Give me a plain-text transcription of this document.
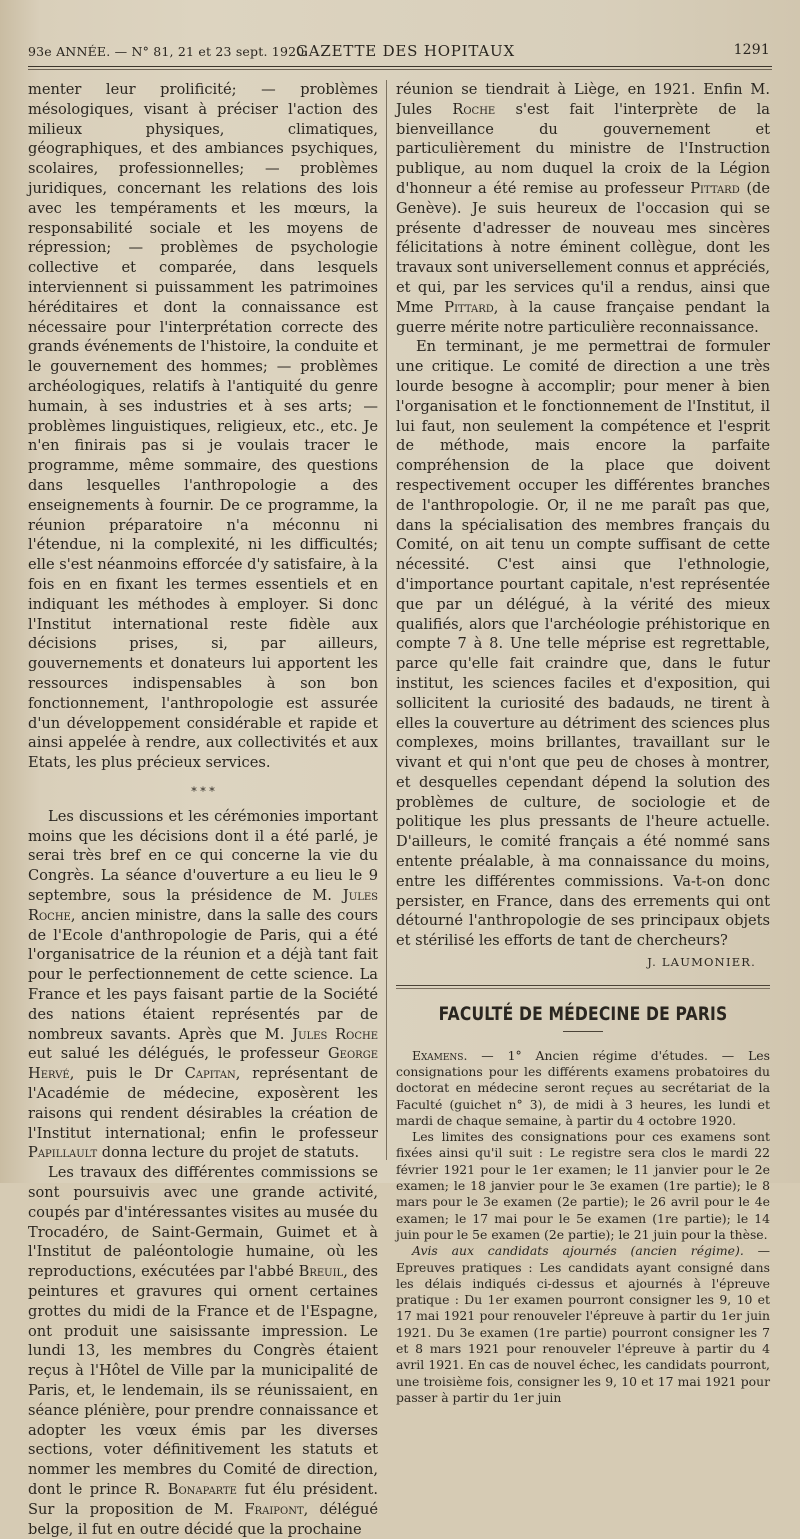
93e ANNÉE. — N° 81, 21 et 23 sept. 1920.
GAZETTE DES HOPITAUX	1291

menter leur prolificité; — problèmes mésologiques, visant à préciser l'action des milieux physiques, climatiques, géographiques, et des ambiances psychiques, scolaires, professionnelles; — problèmes juridiques, concernant les relations des lois avec les tempéraments et les mœurs, la responsabilité sociale et les moyens de répression; — problèmes de psychologie collective et comparée, dans lesquels interviennent si puissamment les patrimoines héréditaires et dont la connaissance est nécessaire pour l'interprétation correcte des grands événements de l'histoire, la conduite et le gouvernement des hommes; — problèmes archéologiques, relatifs à l'antiquité du genre humain, à ses industries et à ses arts; — problèmes linguistiques, religieux, etc., etc. Je n'en finirais pas si je voulais tracer le programme, même sommaire, des questions dans lesquelles l'anthropologie a des enseignements à fournir. De ce programme, la réunion préparatoire n'a méconnu ni l'étendue, ni la complexité, ni les difficultés; elle s'est néanmoins efforcée d'y satisfaire, à la fois en en fixant les termes essentiels et en indiquant les méthodes à employer. Si donc l'Institut international reste fidèle aux décisions prises, si, par ailleurs, gouvernements et donateurs lui apportent les ressources indispensables à son bon fonctionnement, l'anthropologie est assurée d'un développement considérable et rapide et ainsi appelée à rendre, aux collectivités et aux Etats, les plus précieux services.

* * *

Les discussions et les cérémonies important moins que les décisions dont il a été parlé, je serai très bref en ce qui concerne la vie du Congrès. La séance d'ouverture a eu lieu le 9 septembre, sous la présidence de M. Jules Roche, ancien ministre, dans la salle des cours de l'Ecole d'anthropologie de Paris, qui a été l'organisatrice de la réunion et a déjà tant fait pour le perfectionnement de cette science. La France et les pays faisant partie de la Société des nations étaient représentés par de nombreux savants. Après que M. Jules Roche eut salué les délégués, le professeur George Hervé, puis le Dr Capitan, représentant de l'Académie de médecine, exposèrent les raisons qui rendent désirables la création de l'Institut international; enfin le professeur Papillault donna lecture du projet de statuts.

Les travaux des différentes commissions se sont poursuivis avec une grande activité, coupés par d'intéressantes visites au musée du Trocadéro, de Saint-Germain, Guimet et à l'Institut de paléontologie humaine, où les reproductions, exécutées par l'abbé Breuil, des peintures et gravures qui ornent certaines grottes du midi de la France et de l'Espagne, ont produit une saisissante impression. Le lundi 13, les membres du Congrès étaient reçus à l'Hôtel de Ville par la municipalité de Paris, et, le lendemain, ils se réunissaient, en séance plénière, pour prendre connaissance et adopter les vœux émis par les diverses sections, voter définitivement les statuts et nommer les membres du Comité de direction, dont le prince R. Bonaparte fut élu président. Sur la proposition de M. Fraipont, délégué belge, il fut en outre décidé que la prochaine

réunion se tiendrait à Liège, en 1921. Enfin M. Jules Roche s'est fait l'interprète de la bienveillance du gouvernement et particulièrement du ministre de l'Instruction publique, au nom duquel la croix de la Légion d'honneur a été remise au professeur Pittard (de Genève). Je suis heureux de l'occasion qui se présente d'adresser de nouveau mes sincères félicitations à notre éminent collègue, dont les travaux sont universellement connus et appréciés, et qui, par les services qu'il a rendus, ainsi que Mme Pittard, à la cause française pendant la guerre mérite notre particulière reconnaissance.

En terminant, je me permettrai de formuler une critique. Le comité de direction a une très lourde besogne à accomplir; pour mener à bien l'organisation et le fonctionnement de l'Institut, il lui faut, non seulement la compétence et l'esprit de méthode, mais encore la parfaite compréhension de la place que doivent respectivement occuper les différentes branches de l'anthropologie. Or, il ne me paraît pas que, dans la spécialisation des membres français du Comité, on ait tenu un compte suffisant de cette nécessité. C'est ainsi que l'ethnologie, d'importance pourtant capitale, n'est représentée que par un délégué, à la vérité des mieux qualifiés, alors que l'archéologie préhistorique en compte 7 à 8. Une telle méprise est regrettable, parce qu'elle fait craindre que, dans le futur institut, les sciences faciles et d'exposition, qui sollicitent la curiosité des badauds, ne tirent à elles la couverture au détriment des sciences plus complexes, moins brillantes, travaillant sur le vivant et qui n'ont que peu de choses à montrer, et desquelles cependant dépend la solution des problèmes de culture, de sociologie et de politique les plus pressants de l'heure actuelle. D'ailleurs, le comité français a été nommé sans entente préalable, à ma connaissance du moins, entre les différentes commissions. Va-t-on donc persister, en France, dans des errements qui ont détourné l'anthropologie de ses principaux objets et stérilisé les efforts de tant de chercheurs?

J. LAUMONIER.
FACULTÉ DE MÉDECINE DE PARIS

Examens. — 1° Ancien régime d'études. — Les consignations pour les différents examens probatoires du doctorat en médecine seront reçues au secrétariat de la Faculté (guichet n° 3), de midi à 3 heures, les lundi et mardi de chaque semaine, à partir du 4 octobre 1920.

Les limites des consignations pour ces examens sont fixées ainsi qu'il suit : Le registre sera clos le mardi 22 février 1921 pour le 1er examen; le 11 janvier pour le 2e examen; le 18 janvier pour le 3e examen (1re partie); le 8 mars pour le 3e examen (2e partie); le 26 avril pour le 4e examen; le 17 mai pour le 5e examen (1re partie); le 14 juin pour le 5e examen (2e partie); le 21 juin pour la thèse.

Avis aux candidats ajournés (ancien régime). — Epreuves pratiques : Les candidats ayant consigné dans les délais indiqués ci-dessus et ajournés à l'épreuve pratique : Du 1er examen pourront consigner les 9, 10 et 17 mai 1921 pour renouveler l'épreuve à partir du 1er juin 1921. Du 3e examen (1re partie) pourront consigner les 7 et 8 mars 1921 pour renouveler l'épreuve à partir du 4 avril 1921. En cas de nouvel échec, les candidats pourront, une troisième fois, consigner les 9, 10 et 17 mai 1921 pour passer à partir du 1er juin
